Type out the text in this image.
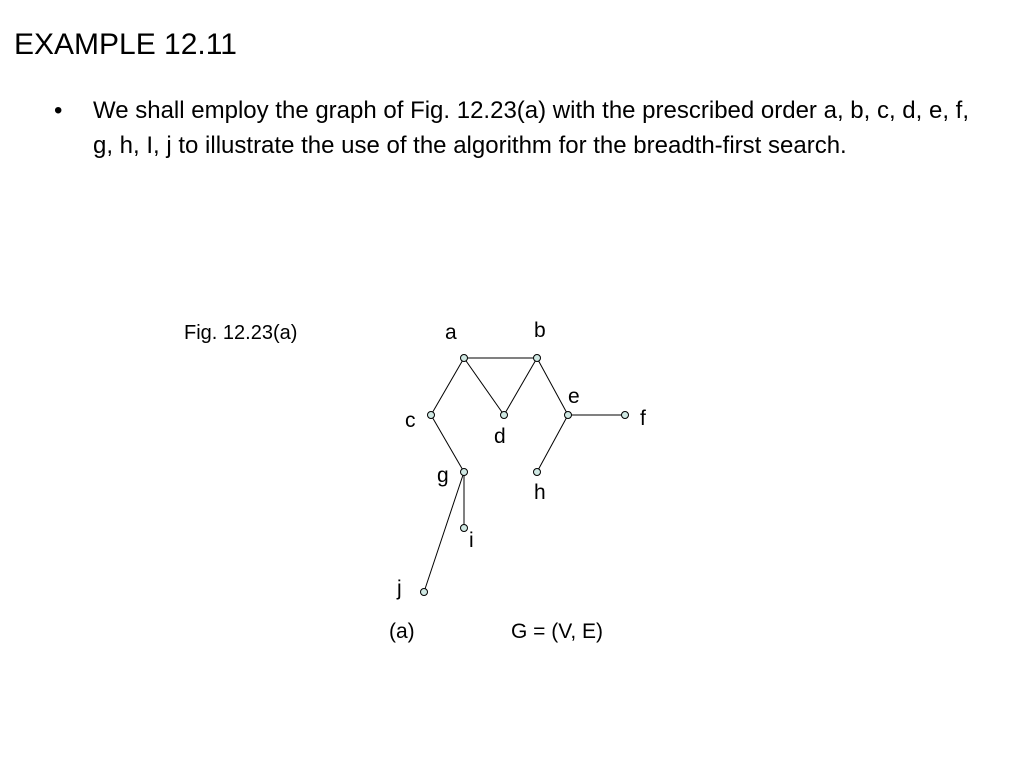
EXAMPLE 12.11
• We shall employ the graph of Fig. 12.23(a) with the prescribed order a, b, c, d, e, f, g, h, I, j to illustrate the use of the algorithm for the breadth-first search.
Fig. 12.23(a)	a	b
c
d
e
f
g
h
i
j
(a)	G = (V, E)
